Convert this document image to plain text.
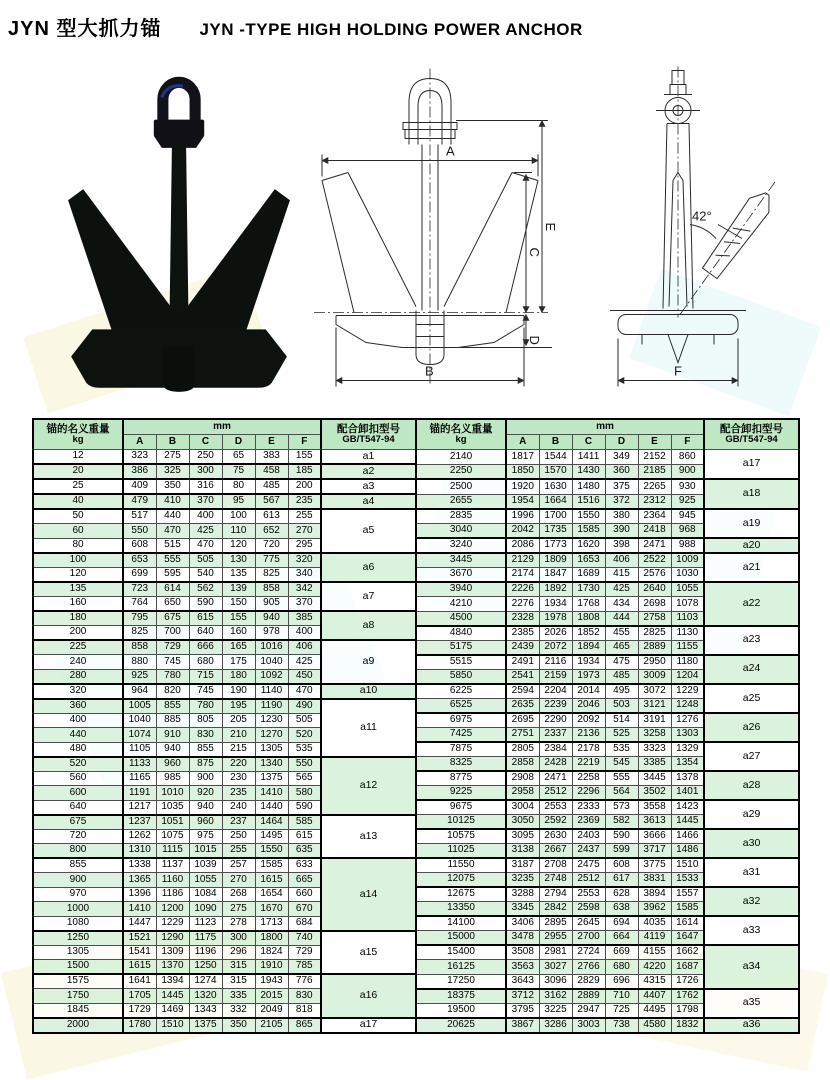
JYN 型大抓力锚 JYN -TYPE HIGH HOLDING POWER ANCHOR
A
E
C
D
B
42°
F
锚的名义重量
kg
	mm	配合卸扣型号
GB/T547-94

锚的名义重量
kg
	mm	配合卸扣型号
GB/T547-94

	A	B	C	D	E	F			A	B	C	D	E	F	
12	323	275	250	65	383	155	a1	2140	1817	1544	1411	349	2152	860	a17
20	386	325	300	75	458	185	a2	2250	1850	1570	1430	360	2185	900	
25	409	350	316	80	485	200	a3	2500	1920	1630	1480	375	2265	930	a18
40	479	410	370	95	567	235	a4	2655	1954	1664	1516	372	2312	925	
50	517	440	400	100	613	255	a5	2835	1996	1700	1550	380	2364	945	a19
60	550	470	425	110	652	270		3040	2042	1735	1585	390	2418	968	
80	608	515	470	120	720	295		3240	2086	1773	1620	398	2471	988	a20
100	653	555	505	130	775	320	a6	3445	2129	1809	1653	406	2522	1009	a21
120	699	595	540	135	825	340		3670	2174	1847	1689	415	2576	1030	
135	723	614	562	139	858	342	a7	3940	2226	1892	1730	425	2640	1055	a22
160	764	650	590	150	905	370		4210	2276	1934	1768	434	2698	1078	
180	795	675	615	155	940	385	a8	4500	2328	1978	1808	444	2758	1103	
200	825	700	640	160	978	400		4840	2385	2026	1852	455	2825	1130	a23
225	858	729	666	165	1016	406	a9	5175	2439	2072	1894	465	2889	1155	
240	880	745	680	175	1040	425		5515	2491	2116	1934	475	2950	1180	a24
280	925	780	715	180	1092	450		5850	2541	2159	1973	485	3009	1204	
320	964	820	745	190	1140	470	a10	6225	2594	2204	2014	495	3072	1229	a25
360	1005	855	780	195	1190	490	a11	6525	2635	2239	2046	503	3121	1248	
400	1040	885	805	205	1230	505		6975	2695	2290	2092	514	3191	1276	a26
440	1074	910	830	210	1270	520		7425	2751	2337	2136	525	3258	1303	
480	1105	940	855	215	1305	535		7875	2805	2384	2178	535	3323	1329	a27
520	1133	960	875	220	1340	550	a12	8325	2858	2428	2219	545	3385	1354	
560	1165	985	900	230	1375	565		8775	2908	2471	2258	555	3445	1378	a28
600	1191	1010	920	235	1410	580		9225	2958	2512	2296	564	3502	1401	
640	1217	1035	940	240	1440	590		9675	3004	2553	2333	573	3558	1423	a29
675	1237	1051	960	237	1464	585	a13	10125	3050	2592	2369	582	3613	1445	
720	1262	1075	975	250	1495	615		10575	3095	2630	2403	590	3666	1466	a30
800	1310	1115	1015	255	1550	635		11025	3138	2667	2437	599	3717	1486	
855	1338	1137	1039	257	1585	633	a14	11550	3187	2708	2475	608	3775	1510	a31
900	1365	1160	1055	270	1615	665		12075	3235	2748	2512	617	3831	1533	
970	1396	1186	1084	268	1654	660		12675	3288	2794	2553	628	3894	1557	a32
1000	1410	1200	1090	275	1670	670		13350	3345	2842	2598	638	3962	1585	
1080	1447	1229	1123	278	1713	684		14100	3406	2895	2645	694	4035	1614	a33
1250	1521	1290	1175	300	1800	740	a15	15000	3478	2955	2700	664	4119	1647	
1305	1541	1309	1196	296	1824	729		15400	3508	2981	2724	669	4155	1662	a34
1500	1615	1370	1250	315	1910	785		16125	3563	3027	2766	680	4220	1687	
1575	1641	1394	1274	315	1943	776	a16	17250	3643	3096	2829	696	4315	1726	
1750	1705	1445	1320	335	2015	830		18375	3712	3162	2889	710	4407	1762	a35
1845	1729	1469	1343	332	2049	818		19500	3795	3225	2947	725	4495	1798	
2000	1780	1510	1375	350	2105	865	a17	20625	3867	3286	3003	738	4580	1832	a36
